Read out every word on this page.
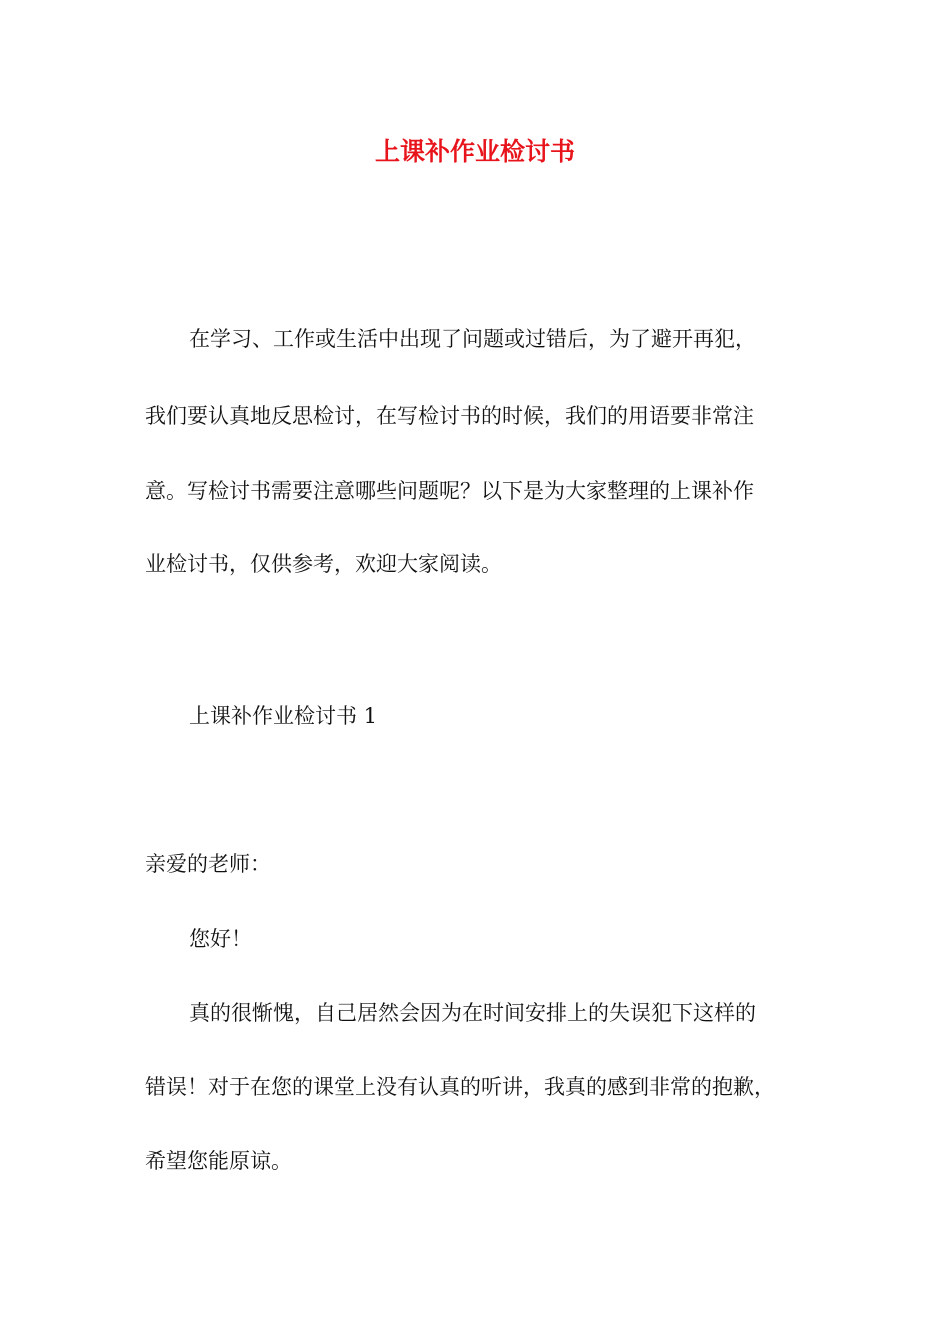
上课补作业检讨书

在学习、工作或生活中出现了问题或过错后，为了避开再犯，

我们要认真地反思检讨，在写检讨书的时候，我们的用语要非常注

意。写检讨书需要注意哪些问题呢？以下是为大家整理的上课补作

业检讨书，仅供参考，欢迎大家阅读。

上课补作业检讨书 1

亲爱的老师：

您好！

真的很惭愧，自己居然会因为在时间安排上的失误犯下这样的

错误！对于在您的课堂上没有认真的听讲，我真的感到非常的抱歉，

希望您能原谅。
